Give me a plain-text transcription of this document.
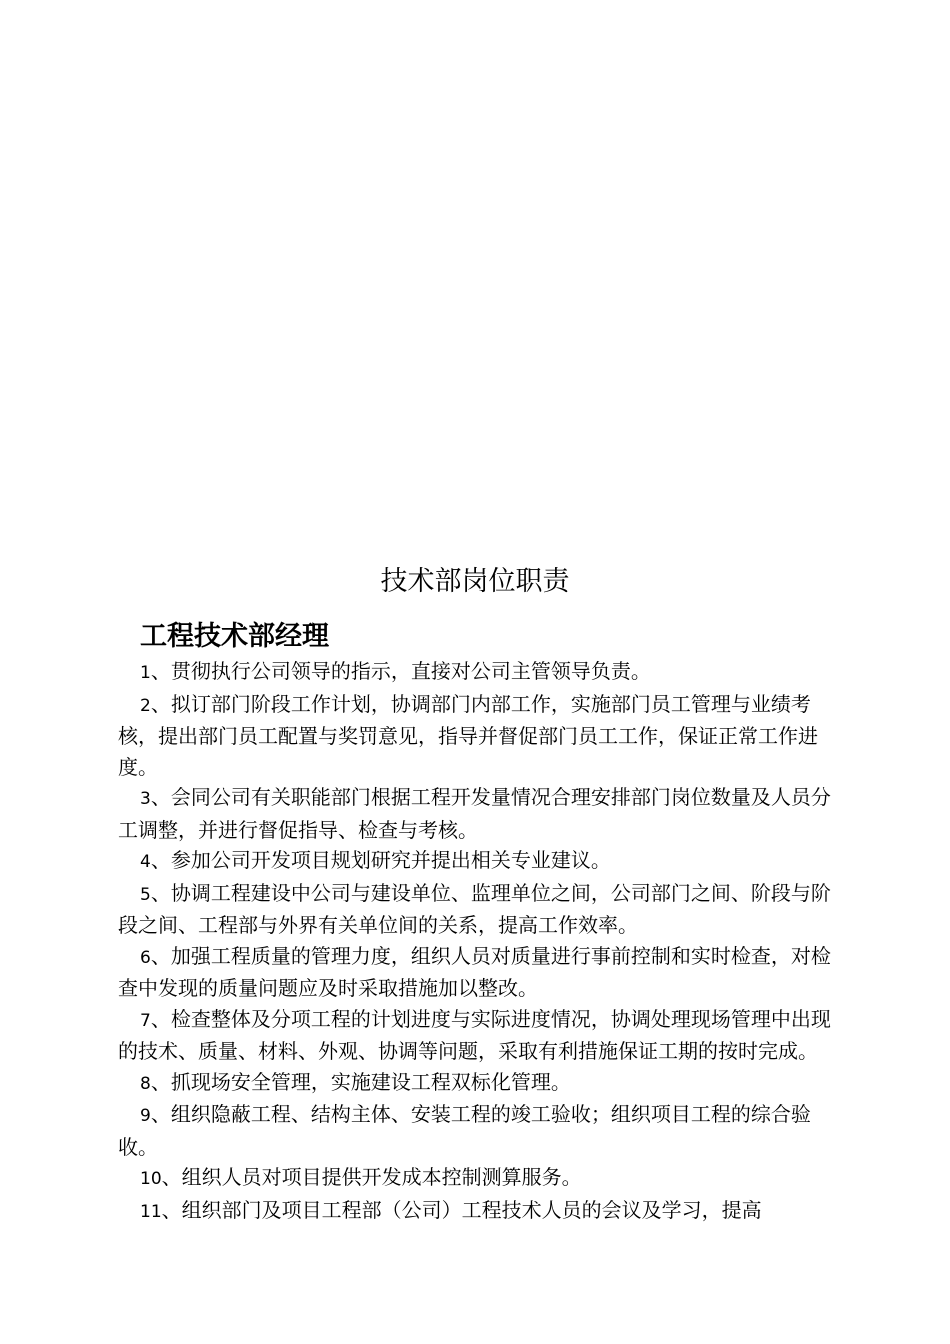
技术部岗位职责
工程技术部经理
1、贯彻执行公司领导的指示，直接对公司主管领导负责。
2、拟订部门阶段工作计划，协调部门内部工作，实施部门员工管理与业绩考核，提出部门员工配置与奖罚意见，指导并督促部门员工工作，保证正常工作进度。
3、会同公司有关职能部门根据工程开发量情况合理安排部门岗位数量及人员分工调整，并进行督促指导、检查与考核。
4、参加公司开发项目规划研究并提出相关专业建议。
5、协调工程建设中公司与建设单位、监理单位之间，公司部门之间、阶段与阶段之间、工程部与外界有关单位间的关系，提高工作效率。
6、加强工程质量的管理力度，组织人员对质量进行事前控制和实时检查，对检查中发现的质量问题应及时采取措施加以整改。
7、检查整体及分项工程的计划进度与实际进度情况，协调处理现场管理中出现的技术、质量、材料、外观、协调等问题，采取有利措施保证工期的按时完成。
8、抓现场安全管理，实施建设工程双标化管理。
9、组织隐蔽工程、结构主体、安装工程的竣工验收；组织项目工程的综合验收。
10、组织人员对项目提供开发成本控制测算服务。
11、组织部门及项目工程部（公司）工程技术人员的会议及学习，提高
